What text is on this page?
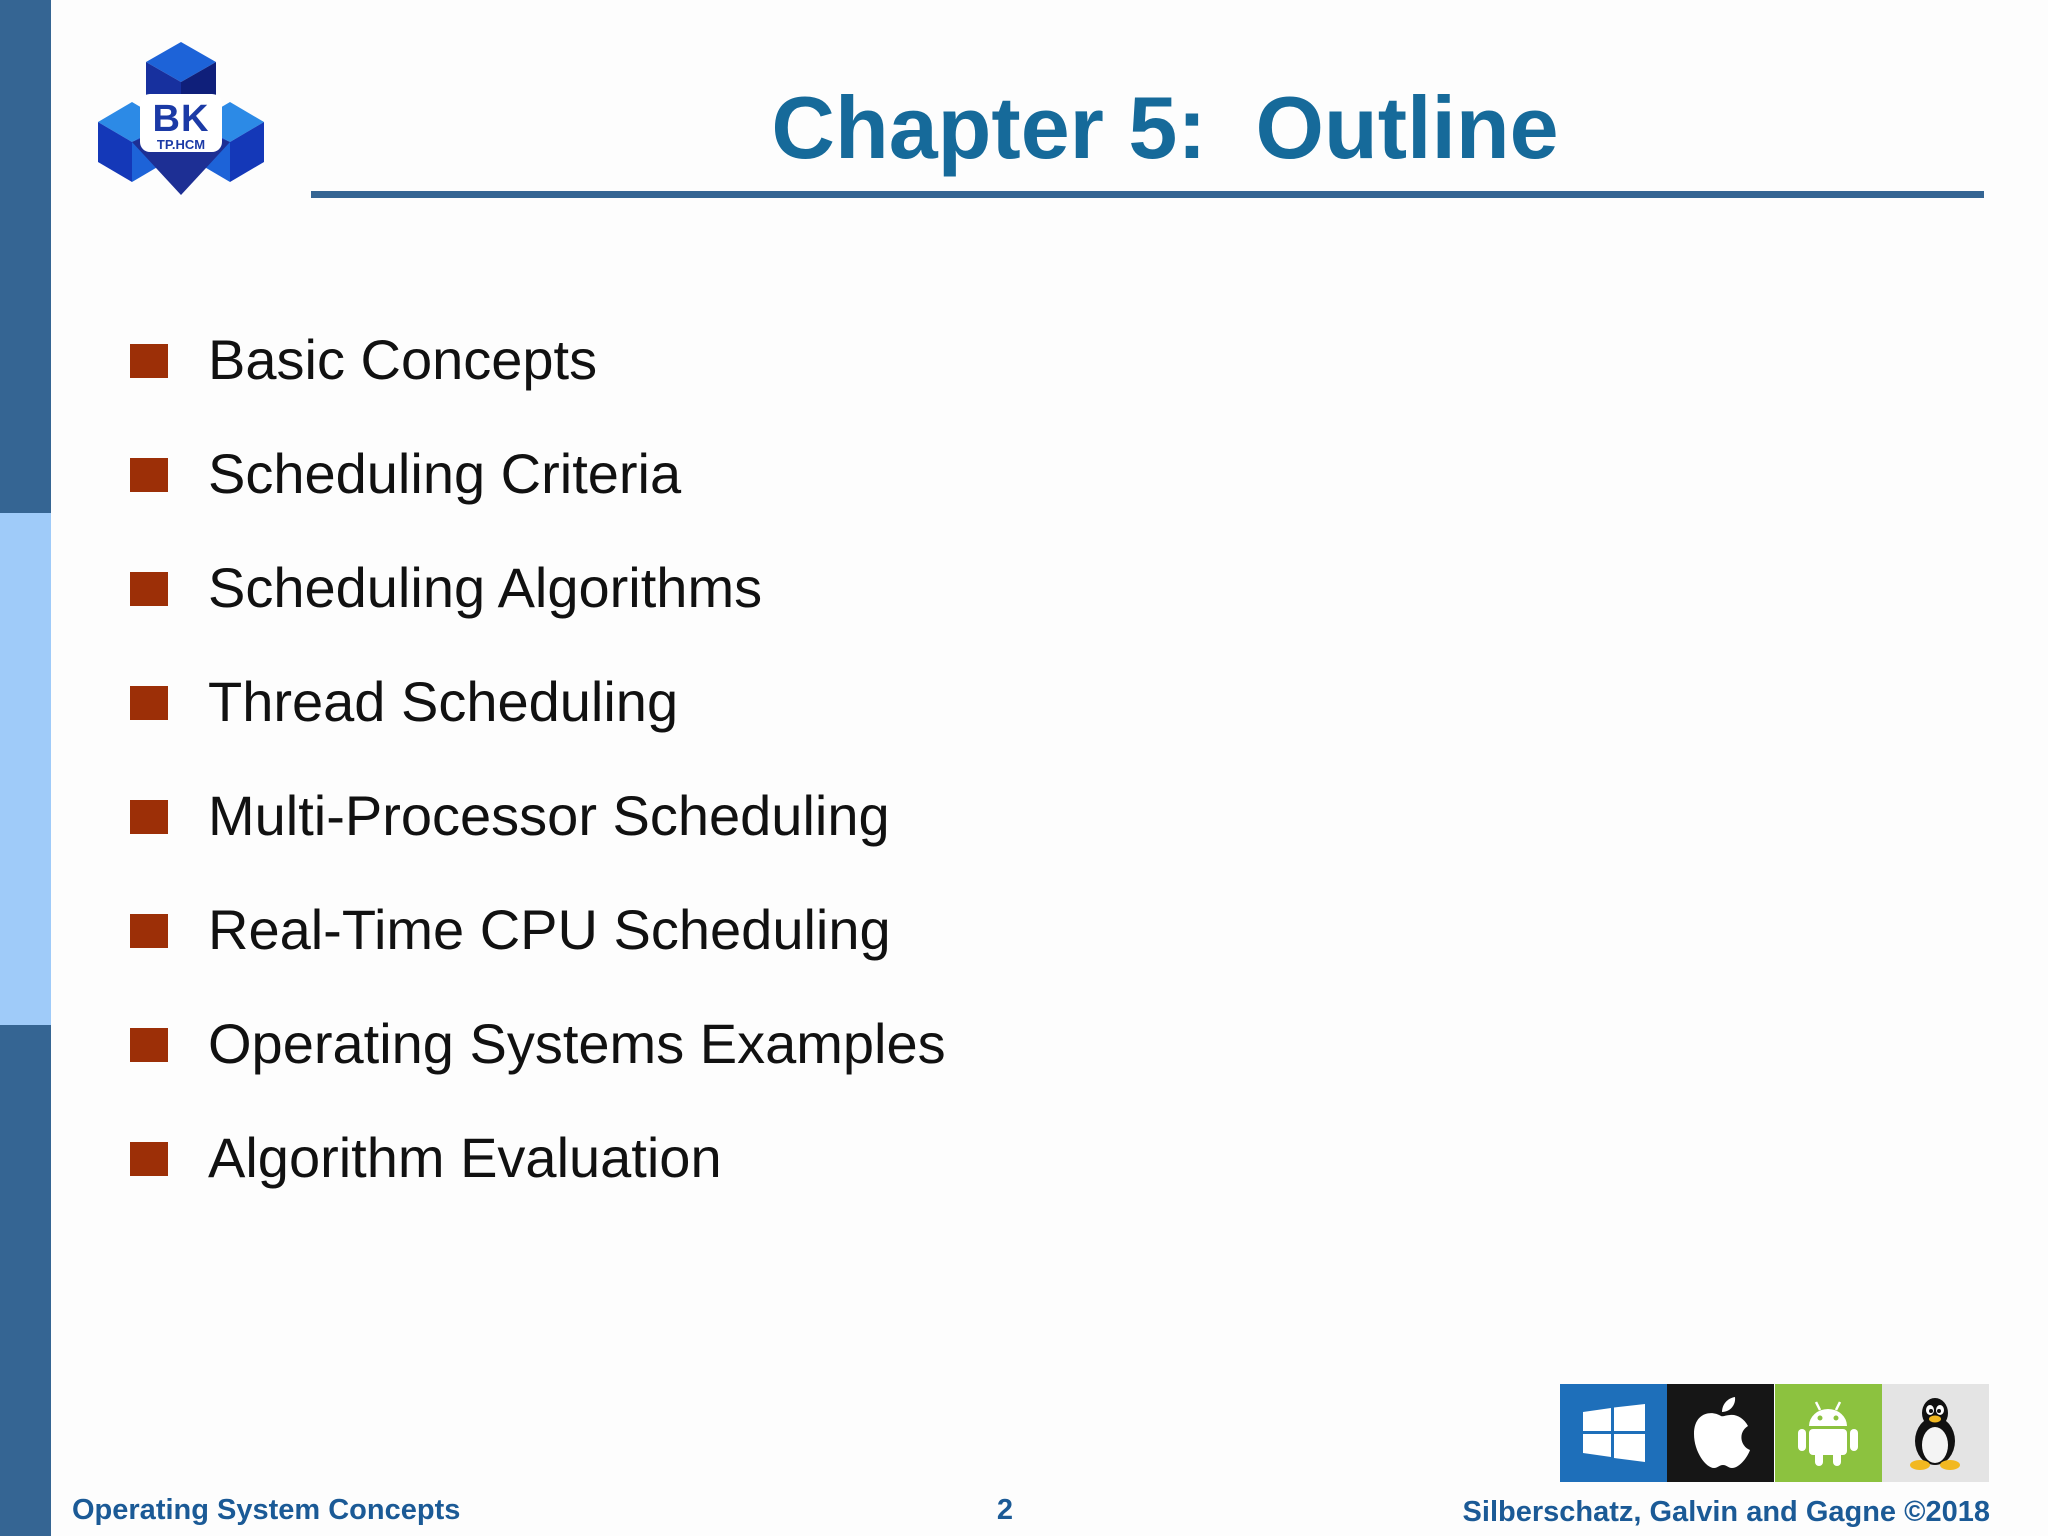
BK
TP.HCM	Chapter 5:  Outline
Basic Concepts
Scheduling Criteria
Scheduling Algorithms
Thread Scheduling
Multi-Processor Scheduling
Real-Time CPU Scheduling
Operating Systems Examples
Algorithm Evaluation
Operating System Concepts	2	Silberschatz, Galvin and Gagne ©2018
